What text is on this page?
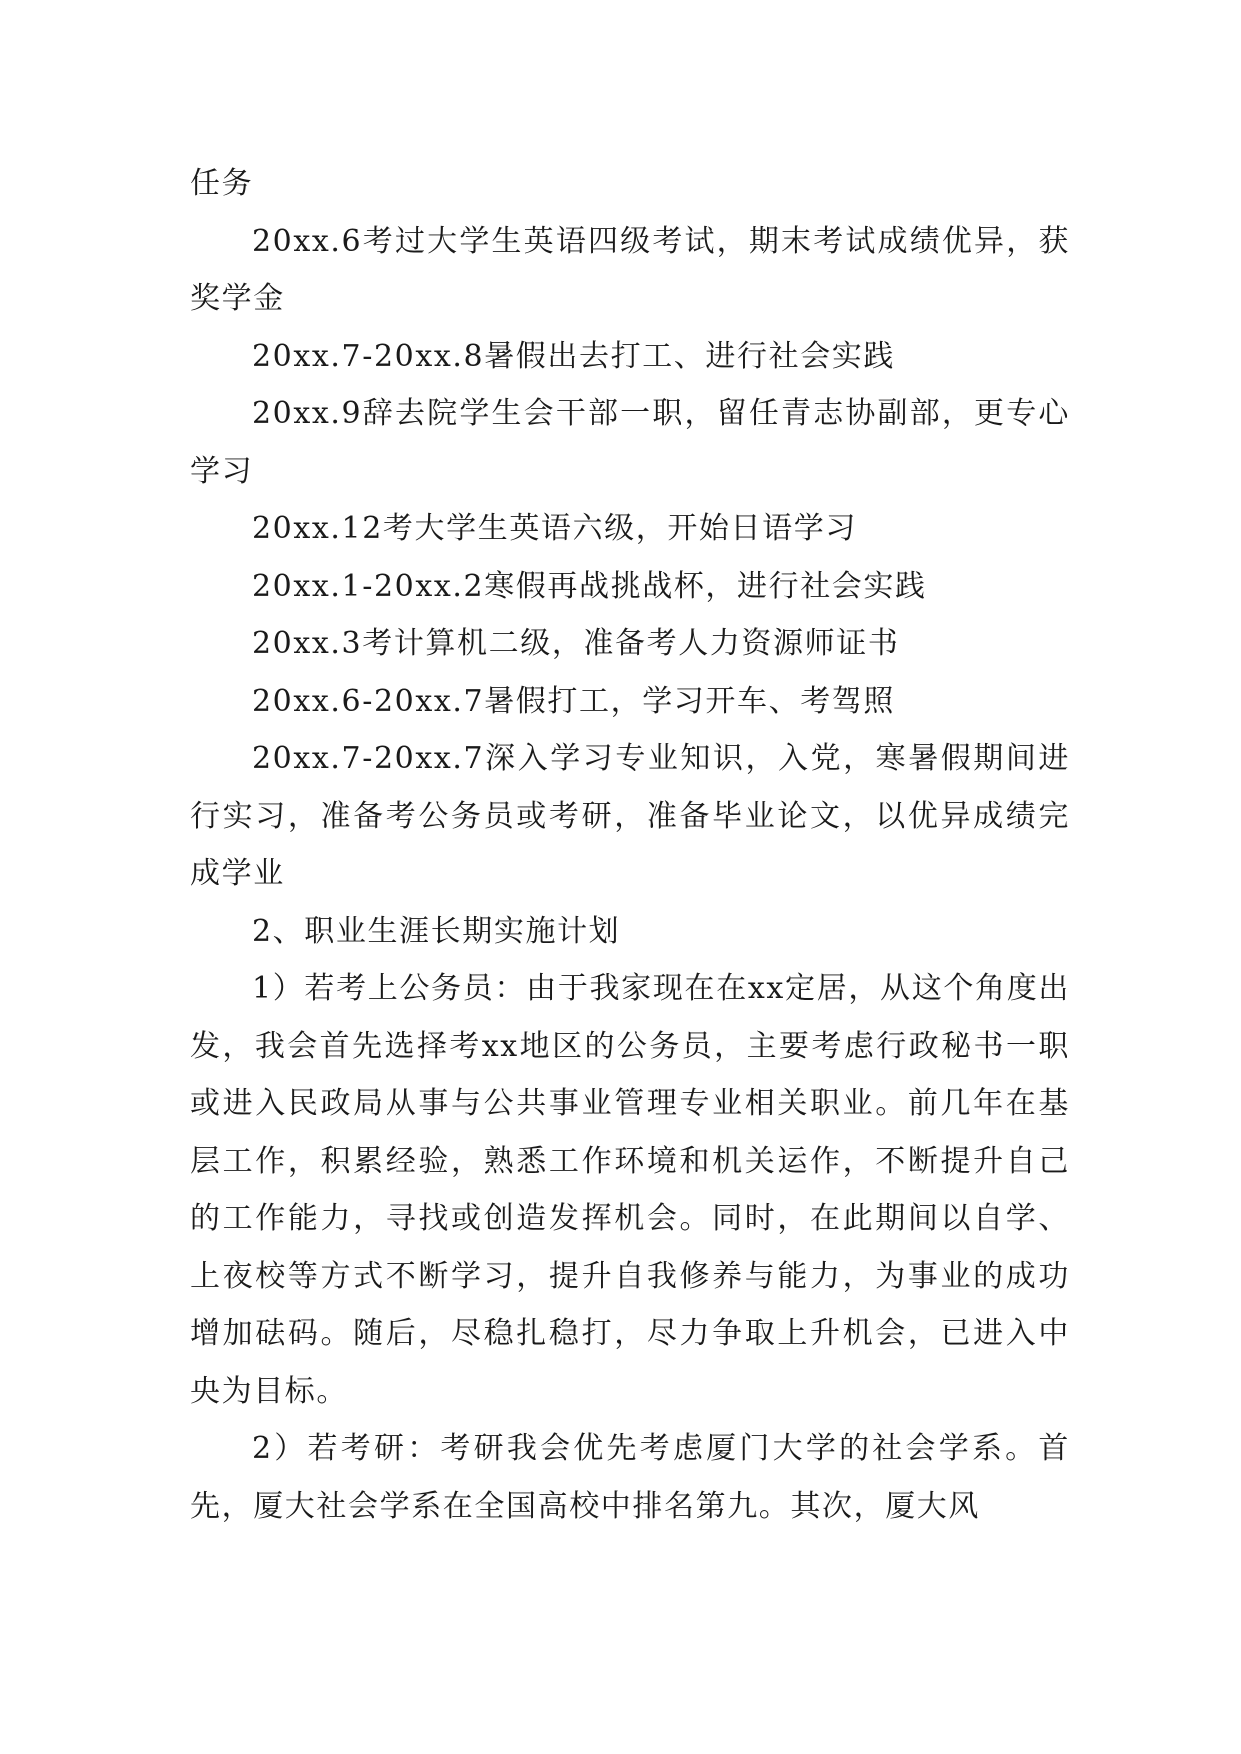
任务

20xx.6考过大学生英语四级考试，期末考试成绩优异，获奖学金

20xx.7-20xx.8暑假出去打工、进行社会实践

20xx.9辞去院学生会干部一职，留任青志协副部，更专心学习

20xx.12考大学生英语六级，开始日语学习

20xx.1-20xx.2寒假再战挑战杯，进行社会实践

20xx.3考计算机二级，准备考人力资源师证书

20xx.6-20xx.7暑假打工，学习开车、考驾照

20xx.7-20xx.7深入学习专业知识，入党，寒暑假期间进行实习，准备考公务员或考研，准备毕业论文，以优异成绩完成学业

2、职业生涯长期实施计划

1）若考上公务员：由于我家现在在xx定居，从这个角度出发，我会首先选择考xx地区的公务员，主要考虑行政秘书一职或进入民政局从事与公共事业管理专业相关职业。前几年在基层工作，积累经验，熟悉工作环境和机关运作，不断提升自己的工作能力，寻找或创造发挥机会。同时，在此期间以自学、上夜校等方式不断学习，提升自我修养与能力，为事业的成功增加砝码。随后，尽稳扎稳打，尽力争取上升机会，已进入中央为目标。

2）若考研：考研我会优先考虑厦门大学的社会学系。首先，厦大社会学系在全国高校中排名第九。其次，厦大风
